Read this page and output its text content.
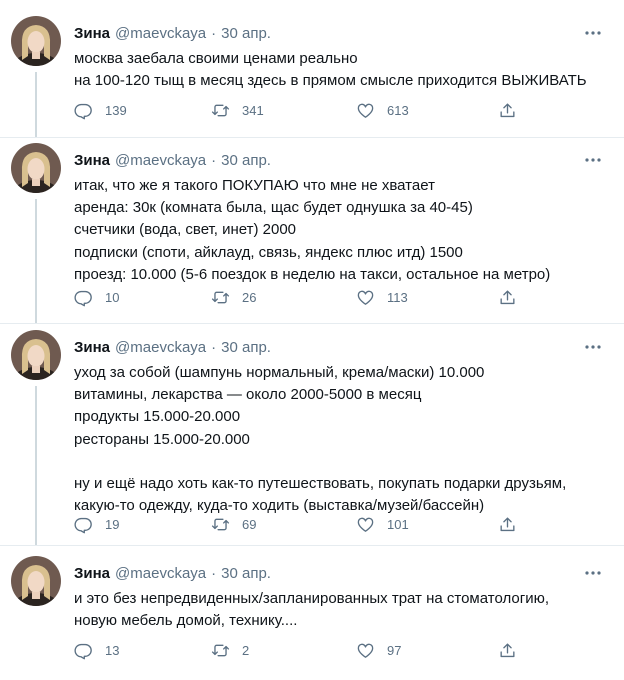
Зина @maevckaya · 30 апр.
москва заебала своими ценами реально
на 100-120 тыщ в месяц здесь в прямом смысле приходится ВЫЖИВАТЬ
139	341	613
Зина @maevckaya · 30 апр.
итак, что же я такого ПОКУПАЮ что мне не хватает
аренда: 30к (комната была, щас будет однушка за 40-45)
счетчики (вода, свет, инет) 2000
подписки (споти, айклауд, связь, яндекс плюс итд) 1500
проезд: 10.000 (5-6 поездок в неделю на такси, остальное на метро)
10	26	113
Зина @maevckaya · 30 апр.
уход за собой (шампунь нормальный, крема/маски) 10.000
витамины, лекарства — около 2000-5000 в месяц
продукты 15.000-20.000
рестораны 15.000-20.000
ну и ещё надо хоть как-то путешествовать, покупать подарки друзьям,
какую-то одежду, куда-то ходить (выставка/музей/бассейн)
19	69	101
Зина @maevckaya · 30 апр.
и это без непредвиденных/запланированных трат на стоматологию,
новую мебель домой, технику....
13	2	97
